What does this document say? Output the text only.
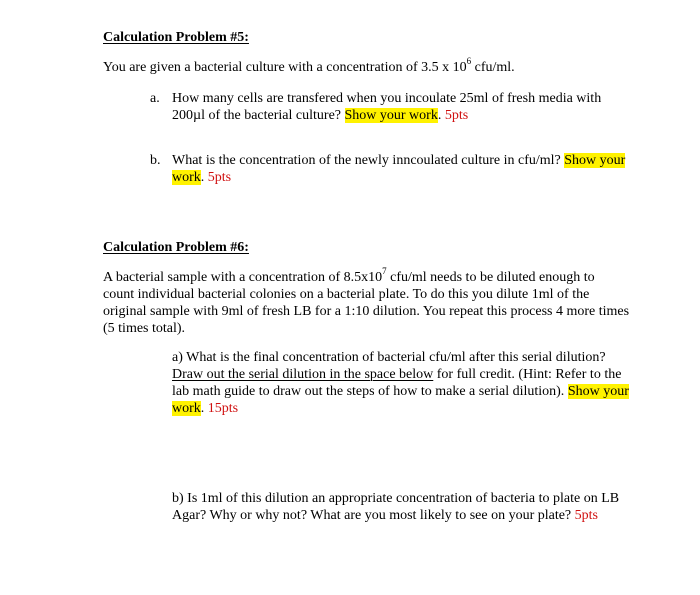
Calculation Problem #5:
You are given a bacterial culture with a concentration of 3.5 x $10^6$ cfu/ml.
a. How many cells are transfered when you incoulate 25ml of fresh media with
200µl of the bacterial culture? Show your work. 5pts
b. What is the concentration of the newly inncoulated culture in cfu/ml? Show your
work. 5pts
Calculation Problem #6:
A bacterial sample with a concentration of $8.5x10^7$ cfu/ml needs to be diluted enough to
count individual bacterial colonies on a bacterial plate. To do this you dilute 1ml of the
original sample with 9ml of fresh LB for a 1:10 dilution. You repeat this process 4 more times
(5 times total).
a) What is the final concentration of bacterial cfu/ml after this serial dilution?
Draw out the serial dilution in the space below for full credit. (Hint: Refer to the
lab math guide to draw out the steps of how to make a serial dilution). Show your
work. 15pts
b) Is 1ml of this dilution an appropriate concentration of bacteria to plate on LB
Agar? Why or why not? What are you most likely to see on your plate? 5pts
